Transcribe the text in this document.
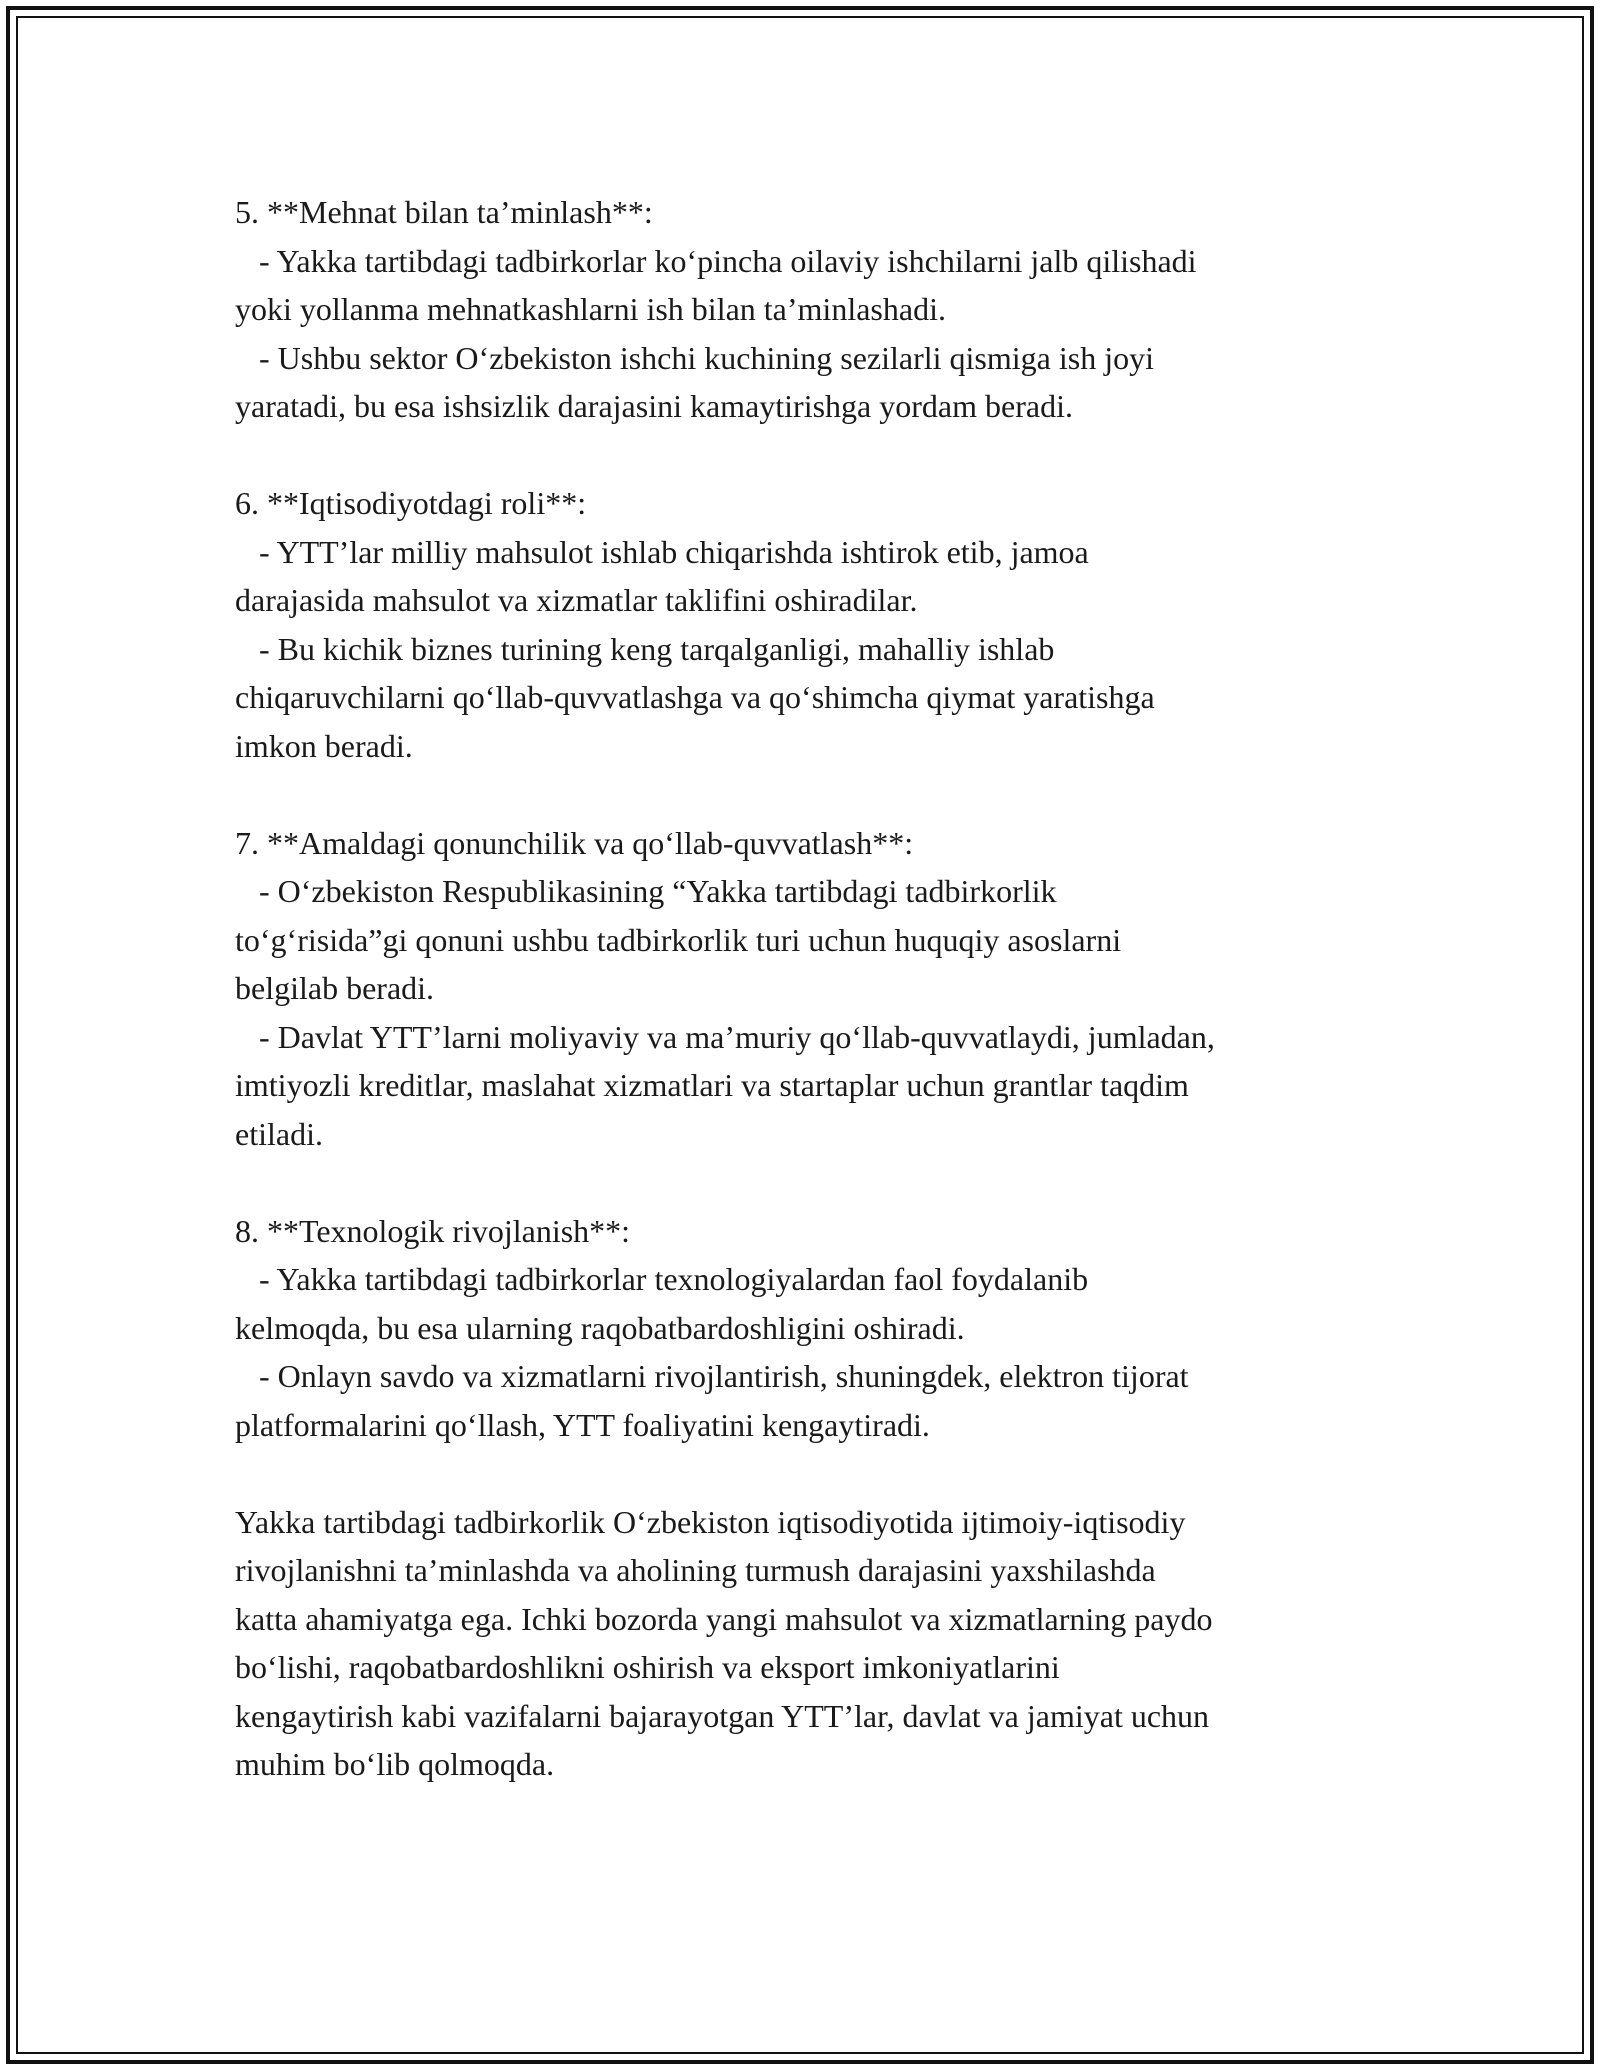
5. **Mehnat bilan ta’minlash**:

- Yakka tartibdagi tadbirkorlar ko‘pincha oilaviy ishchilarni jalb qilishadi

yoki yollanma mehnatkashlarni ish bilan ta’minlashadi.

- Ushbu sektor O‘zbekiston ishchi kuchining sezilarli qismiga ish joyi

yaratadi, bu esa ishsizlik darajasini kamaytirishga yordam beradi.

6. **Iqtisodiyotdagi roli**:

- YTT’lar milliy mahsulot ishlab chiqarishda ishtirok etib, jamoa

darajasida mahsulot va xizmatlar taklifini oshiradilar.

- Bu kichik biznes turining keng tarqalganligi, mahalliy ishlab

chiqaruvchilarni qo‘llab-quvvatlashga va qo‘shimcha qiymat yaratishga

imkon beradi.

7. **Amaldagi qonunchilik va qo‘llab-quvvatlash**:

- O‘zbekiston Respublikasining “Yakka tartibdagi tadbirkorlik

to‘g‘risida”gi qonuni ushbu tadbirkorlik turi uchun huquqiy asoslarni

belgilab beradi.

- Davlat YTT’larni moliyaviy va ma’muriy qo‘llab-quvvatlaydi, jumladan,

imtiyozli kreditlar, maslahat xizmatlari va startaplar uchun grantlar taqdim

etiladi.

8. **Texnologik rivojlanish**:

- Yakka tartibdagi tadbirkorlar texnologiyalardan faol foydalanib

kelmoqda, bu esa ularning raqobatbardoshligini oshiradi.

- Onlayn savdo va xizmatlarni rivojlantirish, shuningdek, elektron tijorat

platformalarini qo‘llash, YTT foaliyatini kengaytiradi.

Yakka tartibdagi tadbirkorlik O‘zbekiston iqtisodiyotida ijtimoiy-iqtisodiy

rivojlanishni ta’minlashda va aholining turmush darajasini yaxshilashda

katta ahamiyatga ega. Ichki bozorda yangi mahsulot va xizmatlarning paydo

bo‘lishi, raqobatbardoshlikni oshirish va eksport imkoniyatlarini

kengaytirish kabi vazifalarni bajarayotgan YTT’lar, davlat va jamiyat uchun

muhim bo‘lib qolmoqda.
